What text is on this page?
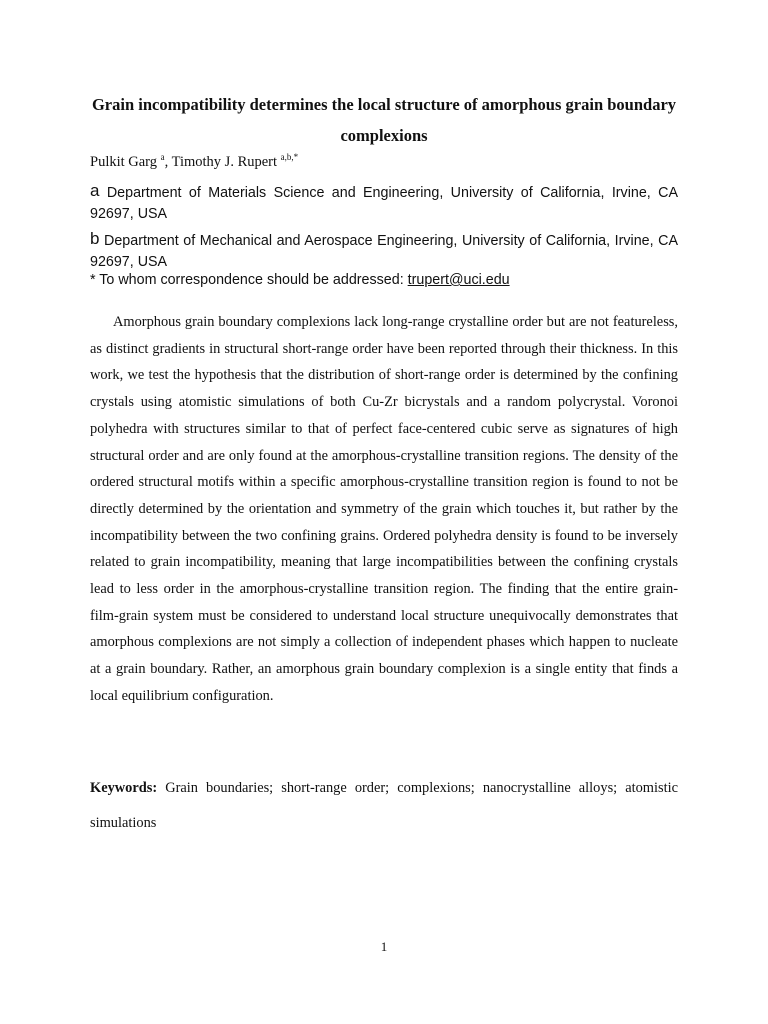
Grain incompatibility determines the local structure of amorphous grain boundary complexions
Pulkit Garg $^a$, Timothy J. Rupert $^{a,b,*}$
a Department of Materials Science and Engineering, University of California, Irvine, CA 92697, USA
b Department of Mechanical and Aerospace Engineering, University of California, Irvine, CA 92697, USA
* To whom correspondence should be addressed: trupert@uci.edu

Amorphous grain boundary complexions lack long-range crystalline order but are not featureless, as distinct gradients in structural short-range order have been reported through their thickness. In this work, we test the hypothesis that the distribution of short-range order is determined by the confining crystals using atomistic simulations of both Cu-Zr bicrystals and a random polycrystal. Voronoi polyhedra with structures similar to that of perfect face-centered cubic serve as signatures of high structural order and are only found at the amorphous-crystalline transition regions. The density of the ordered structural motifs within a specific amorphous-crystalline transition region is found to not be directly determined by the orientation and symmetry of the grain which touches it, but rather by the incompatibility between the two confining grains. Ordered polyhedra density is found to be inversely related to grain incompatibility, meaning that large incompatibilities between the confining crystals lead to less order in the amorphous-crystalline transition region. The finding that the entire grain-film-grain system must be considered to understand local structure unequivocally demonstrates that amorphous complexions are not simply a collection of independent phases which happen to nucleate at a grain boundary. Rather, an amorphous grain boundary complexion is a single entity that finds a local equilibrium configuration.

Keywords: Grain boundaries; short-range order; complexions; nanocrystalline alloys; atomistic simulations

1
